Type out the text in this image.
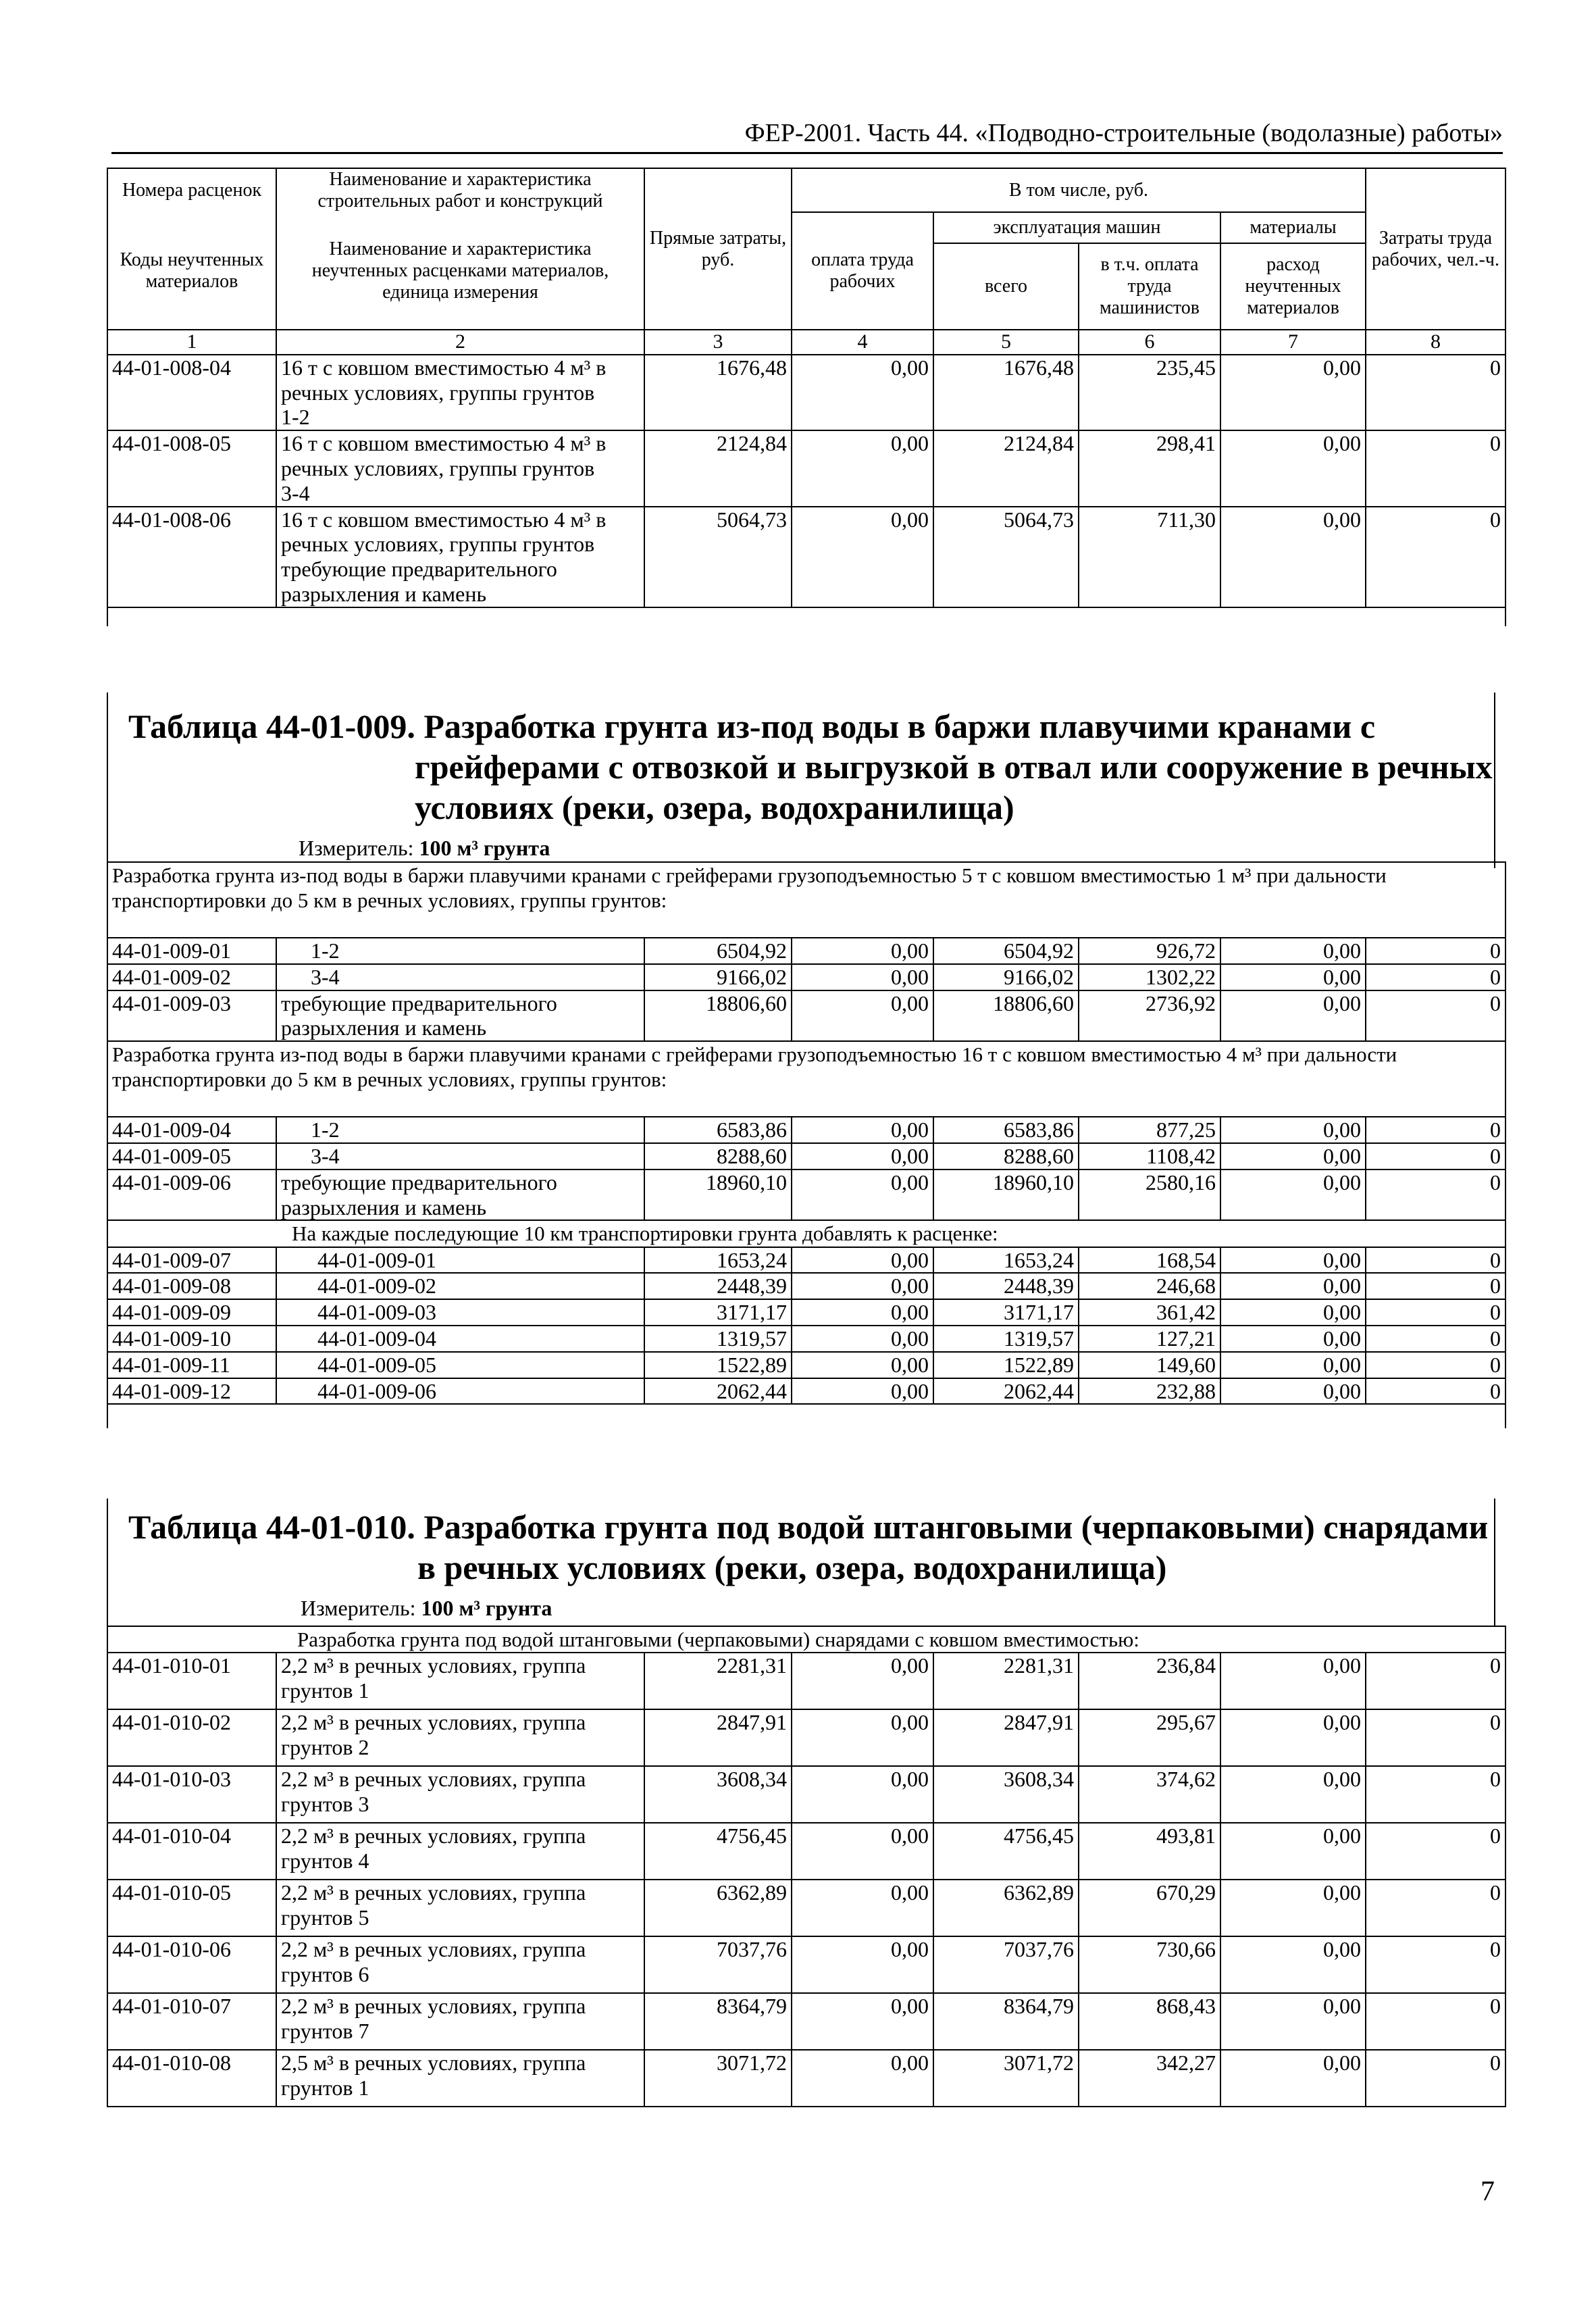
ФЕР-2001. Часть 44. «Подводно-строительные (водолазные) работы»
Номера расценок	Наименование и характеристика строительных работ и конструкций	Прямые затраты, руб.	В том числе, руб.				Затраты труда рабочих, чел.-ч.
Коды неучтенных материалов	Наименование и характеристика неучтенных расценками материалов, единица измерения		оплата труда рабочих	эксплуатация машин		материалы	
				всего	в т.ч. оплата труда машинистов	расход неучтенных материалов	
1	2	3	4	5	6	7	8
44-01-008-04	16 т с ковшом вместимостью 4 м³ в речных условиях, группы грунтов 1-2	1676,48	0,00	1676,48	235,45	0,00	0
44-01-008-05	16 т с ковшом вместимостью 4 м³ в речных условиях, группы грунтов 3-4	2124,84	0,00	2124,84	298,41	0,00	0
44-01-008-06	16 т с ковшом вместимостью 4 м³ в речных условиях, группы грунтов требующие предварительного разрыхления и камень	5064,73	0,00	5064,73	711,30	0,00	0

Таблица 44-01-009. Разработка грунта из-под воды в баржи плавучими кранами с
грейферами с отвозкой и выгрузкой в отвал или сооружение в речных
условиях (реки, озера, водохранилища)
Измеритель: 100 м³ грунта
Разработка грунта из-под воды в баржи плавучими кранами с грейферами грузоподъемностью 5 т с ковшом вместимостью 1 м³ при дальности транспортировки до 5 км в речных условиях, группы грунтов:							
44-01-009-01	1-2	6504,92	0,00	6504,92	926,72	0,00	0
44-01-009-02	3-4	9166,02	0,00	9166,02	1302,22	0,00	0
44-01-009-03	требующие предварительного разрыхления и камень	18806,60	0,00	18806,60	2736,92	0,00	0
Разработка грунта из-под воды в баржи плавучими кранами с грейферами грузоподъемностью 16 т с ковшом вместимостью 4 м³ при дальности транспортировки до 5 км в речных условиях, группы грунтов:							
44-01-009-04	1-2	6583,86	0,00	6583,86	877,25	0,00	0
44-01-009-05	3-4	8288,60	0,00	8288,60	1108,42	0,00	0
44-01-009-06	требующие предварительного разрыхления и камень	18960,10	0,00	18960,10	2580,16	0,00	0
На каждые последующие 10 км транспортировки грунта добавлять к расценке:							
44-01-009-07	44-01-009-01	1653,24	0,00	1653,24	168,54	0,00	0
44-01-009-08	44-01-009-02	2448,39	0,00	2448,39	246,68	0,00	0
44-01-009-09	44-01-009-03	3171,17	0,00	3171,17	361,42	0,00	0
44-01-009-10	44-01-009-04	1319,57	0,00	1319,57	127,21	0,00	0
44-01-009-11	44-01-009-05	1522,89	0,00	1522,89	149,60	0,00	0
44-01-009-12	44-01-009-06	2062,44	0,00	2062,44	232,88	0,00	0

Таблица 44-01-010. Разработка грунта под водой штанговыми (черпаковыми) снарядами
в речных условиях (реки, озера, водохранилища)
Измеритель: 100 м³ грунта
Разработка грунта под водой штанговыми (черпаковыми) снарядами с ковшом вместимостью:							
44-01-010-01	2,2 м³ в речных условиях, группа грунтов 1	2281,31	0,00	2281,31	236,84	0,00	0
44-01-010-02	2,2 м³ в речных условиях, группа грунтов 2	2847,91	0,00	2847,91	295,67	0,00	0
44-01-010-03	2,2 м³ в речных условиях, группа грунтов 3	3608,34	0,00	3608,34	374,62	0,00	0
44-01-010-04	2,2 м³ в речных условиях, группа грунтов 4	4756,45	0,00	4756,45	493,81	0,00	0
44-01-010-05	2,2 м³ в речных условиях, группа грунтов 5	6362,89	0,00	6362,89	670,29	0,00	0
44-01-010-06	2,2 м³ в речных условиях, группа грунтов 6	7037,76	0,00	7037,76	730,66	0,00	0
44-01-010-07	2,2 м³ в речных условиях, группа грунтов 7	8364,79	0,00	8364,79	868,43	0,00	0
44-01-010-08	2,5 м³ в речных условиях, группа грунтов 1	3071,72	0,00	3071,72	342,27	0,00	0
7
